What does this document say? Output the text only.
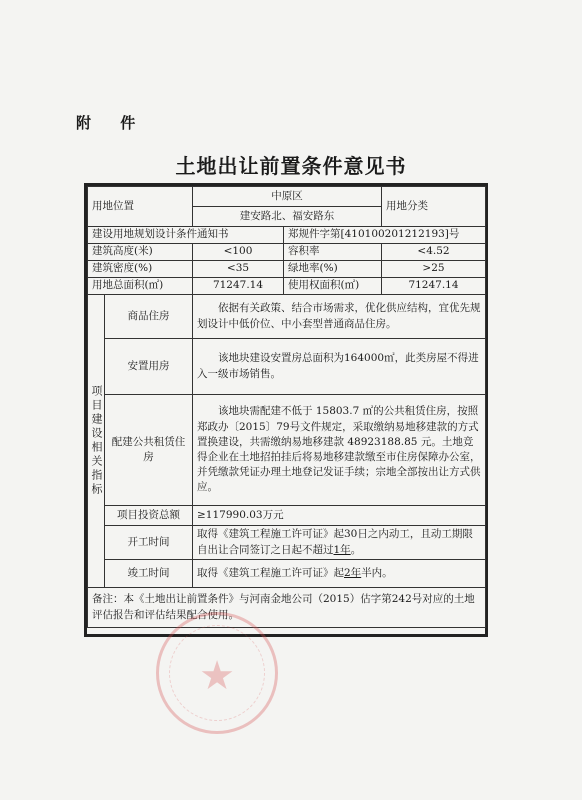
附 件
土地出让前置条件意见书
用地位置		中原区		用地分类
		建安路北、福安路东		
建设用地规划设计条件通知书			郑规件字第[410100201212193]号	
建筑高度(米)		<100	容积率	<4.52
建筑密度(%)		<35	绿地率(%)	>25
用地总面积(㎡)		71247.14	使用权面积(㎡)	71247.14
项目建设相关指标	商品住房	依据有关政策、结合市场需求，优化供应结构，宜优先规划设计中低价位、中小套型普通商品住房。		
	安置用房	该地块建设安置房总面积为164000㎡，此类房屋不得进入一级市场销售。		
	配建公共租赁住房	该地块需配建不低于 15803.7 ㎡的公共租赁住房，按照郑政办〔2015〕79号文件规定，采取缴纳易地移建款的方式置换建设，共需缴纳易地移建款 48923188.85 元。土地竞得企业在土地招拍挂后将易地移建款缴至市住房保障办公室，并凭缴款凭证办理土地登记发证手续；宗地全部按出让方式供应。		
	项目投资总额	≥117990.03万元		
	开工时间	取得《建筑工程施工许可证》起30日之内动工，且动工期限自出让合同签订之日起不超过1年。		
	竣工时间	取得《建筑工程施工许可证》起2年半内。		
备注：本《土地出让前置条件》与河南金地公司（2015）估字第242号对应的土地评估报告和评估结果配合使用。				
★
